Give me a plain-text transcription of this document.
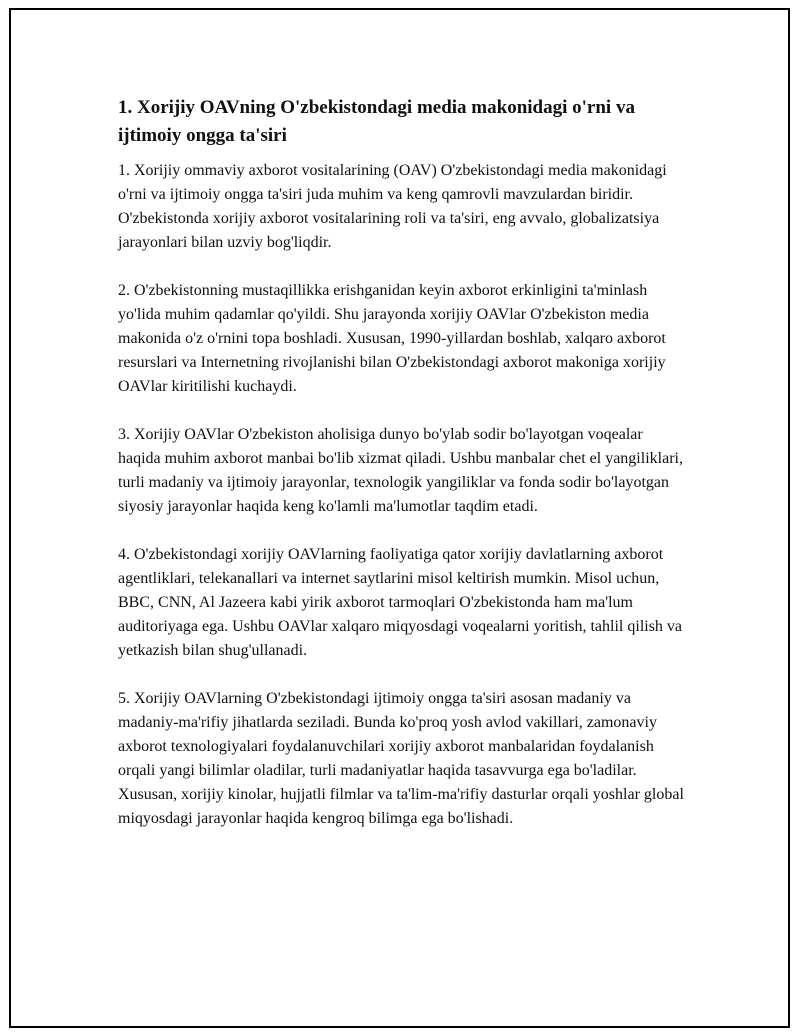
1. Xorijiy OAVning O'zbekistondagi media makonidagi o'rni va ijtimoiy ongga ta'siri

1. Xorijiy ommaviy axborot vositalarining (OAV) O'zbekistondagi media makonidagi o'rni va ijtimoiy ongga ta'siri juda muhim va keng qamrovli mavzulardan biridir. O'zbekistonda xorijiy axborot vositalarining roli va ta'siri, eng avvalo, globalizatsiya jarayonlari bilan uzviy bog'liqdir.

2. O'zbekistonning mustaqillikka erishganidan keyin axborot erkinligini ta'minlash yo'lida muhim qadamlar qo'yildi. Shu jarayonda xorijiy OAVlar O'zbekiston media makonida o'z o'rnini topa boshladi. Xususan, 1990-yillardan boshlab, xalqaro axborot resurslari va Internetning rivojlanishi bilan O'zbekistondagi axborot makoniga xorijiy OAVlar kiritilishi kuchaydi.

3. Xorijiy OAVlar O'zbekiston aholisiga dunyo bo'ylab sodir bo'layotgan voqealar haqida muhim axborot manbai bo'lib xizmat qiladi. Ushbu manbalar chet el yangiliklari, turli madaniy va ijtimoiy jarayonlar, texnologik yangiliklar va fonda sodir bo'layotgan siyosiy jarayonlar haqida keng ko'lamli ma'lumotlar taqdim etadi.

4. O'zbekistondagi xorijiy OAVlarning faoliyatiga qator xorijiy davlatlarning axborot agentliklari, telekanallari va internet saytlarini misol keltirish mumkin. Misol uchun, BBC, CNN, Al Jazeera kabi yirik axborot tarmoqlari O'zbekistonda ham ma'lum auditoriyaga ega. Ushbu OAVlar xalqaro miqyosdagi voqealarni yoritish, tahlil qilish va yetkazish bilan shug'ullanadi.

5. Xorijiy OAVlarning O'zbekistondagi ijtimoiy ongga ta'siri asosan madaniy va madaniy-ma'rifiy jihatlarda seziladi. Bunda ko'proq yosh avlod vakillari, zamonaviy axborot texnologiyalari foydalanuvchilari xorijiy axborot manbalaridan foydalanish orqali yangi bilimlar oladilar, turli madaniyatlar haqida tasavvurga ega bo'ladilar. Xususan, xorijiy kinolar, hujjatli filmlar va ta'lim-ma'rifiy dasturlar orqali yoshlar global miqyosdagi jarayonlar haqida kengroq bilimga ega bo'lishadi.
